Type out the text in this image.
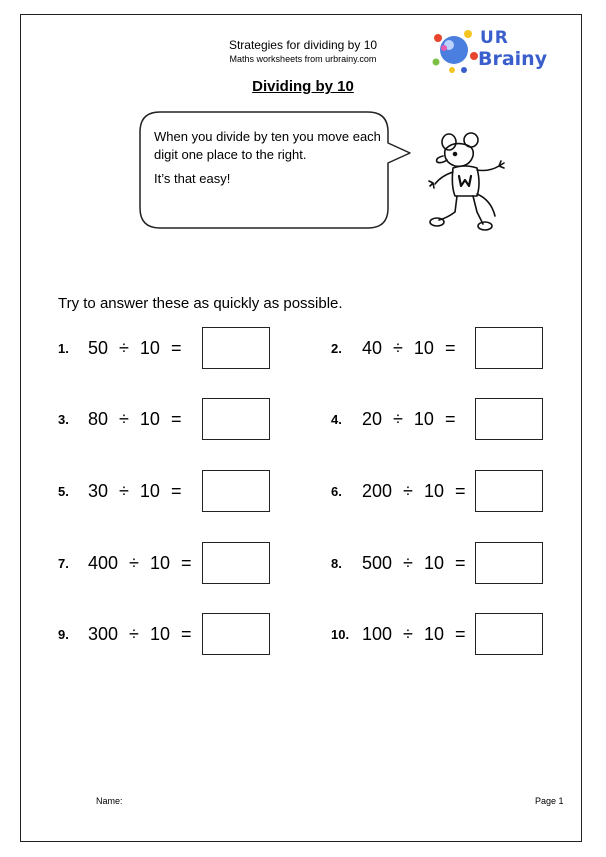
Strategies for dividing by 10
Maths worksheets from urbrainy.com
UR
Brainy
Dividing by 10

When you divide by ten you move each digit one place to the right.

It’s that easy!

Try to answer these as quickly as possible.
1.	50 ÷ 10 =	2.	40 ÷ 10 =
3.	80 ÷ 10 =	4.	20 ÷ 10 =
5.	30 ÷ 10 =	6.	200 ÷ 10 =
7.	400 ÷ 10 =	8.	500 ÷ 10 =
9.	300 ÷ 10 =	10. 100 ÷ 10 =
Name:	Page 1
